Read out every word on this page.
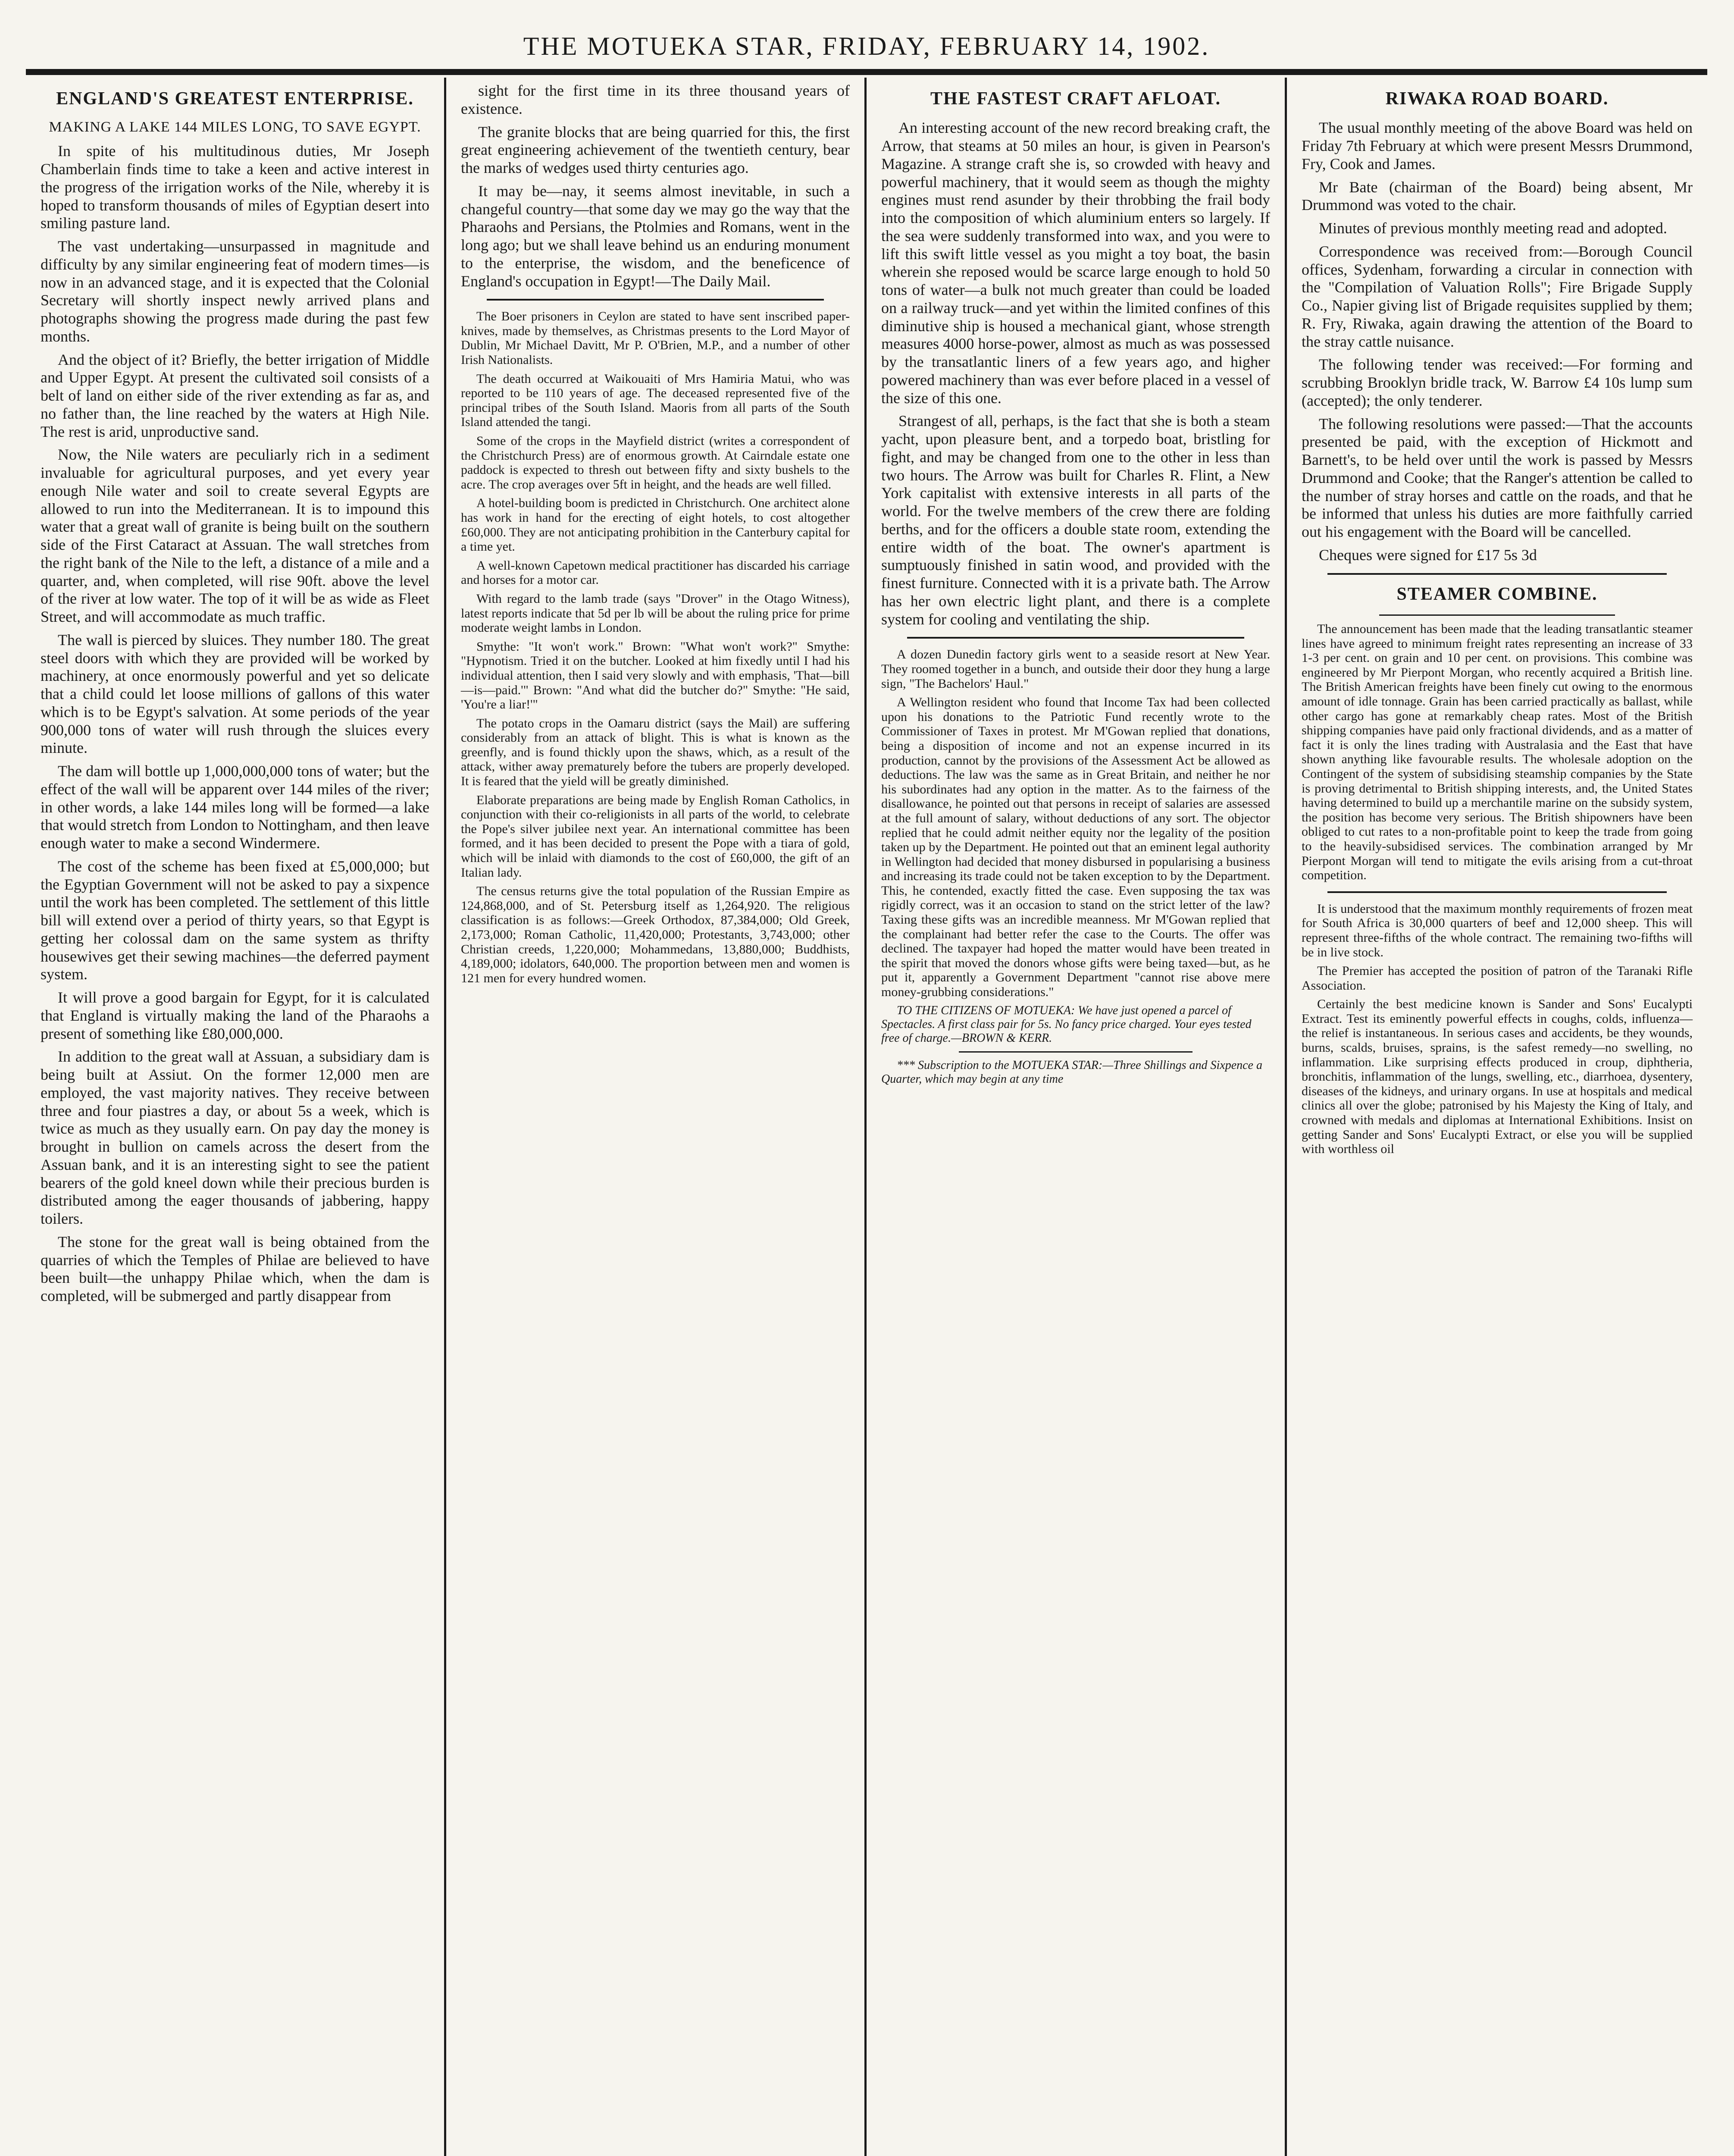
THE MOTUEKA STAR, FRIDAY, FEBRUARY 14, 1902.
ENGLAND'S GREATEST ENTERPRISE.
MAKING A LAKE 144 MILES LONG, TO SAVE EGYPT.

In spite of his multitudinous duties, Mr Joseph Chamberlain finds time to take a keen and active interest in the progress of the irrigation works of the Nile, whereby it is hoped to transform thousands of miles of Egyptian desert into smiling pasture land.

The vast undertaking—unsurpassed in magnitude and difficulty by any similar engineering feat of modern times—is now in an advanced stage, and it is expected that the Colonial Secretary will shortly inspect newly arrived plans and photographs showing the progress made during the past few months.

And the object of it? Briefly, the better irrigation of Middle and Upper Egypt. At present the cultivated soil consists of a belt of land on either side of the river extending as far as, and no father than, the line reached by the waters at High Nile. The rest is arid, unproductive sand.

Now, the Nile waters are peculiarly rich in a sediment invaluable for agricultural purposes, and yet every year enough Nile water and soil to create several Egypts are allowed to run into the Mediterranean. It is to impound this water that a great wall of granite is being built on the southern side of the First Cataract at Assuan. The wall stretches from the right bank of the Nile to the left, a distance of a mile and a quarter, and, when completed, will rise 90ft. above the level of the river at low water. The top of it will be as wide as Fleet Street, and will accommodate as much traffic.

The wall is pierced by sluices. They number 180. The great steel doors with which they are provided will be worked by machinery, at once enormously powerful and yet so delicate that a child could let loose millions of gallons of this water which is to be Egypt's salvation. At some periods of the year 900,000 tons of water will rush through the sluices every minute.

The dam will bottle up 1,000,000,000 tons of water; but the effect of the wall will be apparent over 144 miles of the river; in other words, a lake 144 miles long will be formed—a lake that would stretch from London to Nottingham, and then leave enough water to make a second Windermere.

The cost of the scheme has been fixed at £5,000,000; but the Egyptian Government will not be asked to pay a sixpence until the work has been completed. The settlement of this little bill will extend over a period of thirty years, so that Egypt is getting her colossal dam on the same system as thrifty housewives get their sewing machines—the deferred payment system.

It will prove a good bargain for Egypt, for it is calculated that England is virtually making the land of the Pharaohs a present of something like £80,000,000.

In addition to the great wall at Assuan, a subsidiary dam is being built at Assiut. On the former 12,000 men are employed, the vast majority natives. They receive between three and four piastres a day, or about 5s a week, which is twice as much as they usually earn. On pay day the money is brought in bullion on camels across the desert from the Assuan bank, and it is an interesting sight to see the patient bearers of the gold kneel down while their precious burden is distributed among the eager thousands of jabbering, happy toilers.

The stone for the great wall is being obtained from the quarries of which the Temples of Philae are believed to have been built—the unhappy Philae which, when the dam is completed, will be submerged and partly disappear from

sight for the first time in its three thousand years of existence.

The granite blocks that are being quarried for this, the first great engineering achievement of the twentieth century, bear the marks of wedges used thirty centuries ago.

It may be—nay, it seems almost inevitable, in such a changeful country—that some day we may go the way that the Pharaohs and Persians, the Ptolmies and Romans, went in the long ago; but we shall leave behind us an enduring monument to the enterprise, the wisdom, and the beneficence of England's occupation in Egypt!—The Daily Mail.

The Boer prisoners in Ceylon are stated to have sent inscribed paper-knives, made by themselves, as Christmas presents to the Lord Mayor of Dublin, Mr Michael Davitt, Mr P. O'Brien, M.P., and a number of other Irish Nationalists.

The death occurred at Waikouaiti of Mrs Hamiria Matui, who was reported to be 110 years of age. The deceased represented five of the principal tribes of the South Island. Maoris from all parts of the South Island attended the tangi.

Some of the crops in the Mayfield district (writes a correspondent of the Christchurch Press) are of enormous growth. At Cairndale estate one paddock is expected to thresh out between fifty and sixty bushels to the acre. The crop averages over 5ft in height, and the heads are well filled.

A hotel-building boom is predicted in Christchurch. One architect alone has work in hand for the erecting of eight hotels, to cost altogether £60,000. They are not anticipating prohibition in the Canterbury capital for a time yet.

A well-known Capetown medical practitioner has discarded his carriage and horses for a motor car.

With regard to the lamb trade (says "Drover" in the Otago Witness), latest reports indicate that 5d per lb will be about the ruling price for prime moderate weight lambs in London.

Smythe: "It won't work." Brown: "What won't work?" Smythe: "Hypnotism. Tried it on the butcher. Looked at him fixedly until I had his individual attention, then I said very slowly and with emphasis, 'That—bill—is—paid.'" Brown: "And what did the butcher do?" Smythe: "He said, 'You're a liar!'"

The potato crops in the Oamaru district (says the Mail) are suffering considerably from an attack of blight. This is what is known as the greenfly, and is found thickly upon the shaws, which, as a result of the attack, wither away prematurely before the tubers are properly developed. It is feared that the yield will be greatly diminished.

Elaborate preparations are being made by English Roman Catholics, in conjunction with their co-religionists in all parts of the world, to celebrate the Pope's silver jubilee next year. An international committee has been formed, and it has been decided to present the Pope with a tiara of gold, which will be inlaid with diamonds to the cost of £60,000, the gift of an Italian lady.

The census returns give the total population of the Russian Empire as 124,868,000, and of St. Petersburg itself as 1,264,920. The religious classification is as follows:—Greek Orthodox, 87,384,000; Old Greek, 2,173,000; Roman Catholic, 11,420,000; Protestants, 3,743,000; other Christian creeds, 1,220,000; Mohammedans, 13,880,000; Buddhists, 4,189,000; idolators, 640,000. The proportion between men and women is 121 men for every hundred women.

THE FASTEST CRAFT AFLOAT.

An interesting account of the new record breaking craft, the Arrow, that steams at 50 miles an hour, is given in Pearson's Magazine. A strange craft she is, so crowded with heavy and powerful machinery, that it would seem as though the mighty engines must rend asunder by their throbbing the frail body into the composition of which aluminium enters so largely. If the sea were suddenly transformed into wax, and you were to lift this swift little vessel as you might a toy boat, the basin wherein she reposed would be scarce large enough to hold 50 tons of water—a bulk not much greater than could be loaded on a railway truck—and yet within the limited confines of this diminutive ship is housed a mechanical giant, whose strength measures 4000 horse-power, almost as much as was possessed by the transatlantic liners of a few years ago, and higher powered machinery than was ever before placed in a vessel of the size of this one.

Strangest of all, perhaps, is the fact that she is both a steam yacht, upon pleasure bent, and a torpedo boat, bristling for fight, and may be changed from one to the other in less than two hours. The Arrow was built for Charles R. Flint, a New York capitalist with extensive interests in all parts of the world. For the twelve members of the crew there are folding berths, and for the officers a double state room, extending the entire width of the boat. The owner's apartment is sumptuously finished in satin wood, and provided with the finest furniture. Connected with it is a private bath. The Arrow has her own electric light plant, and there is a complete system for cooling and ventilating the ship.

A dozen Dunedin factory girls went to a seaside resort at New Year. They roomed together in a bunch, and outside their door they hung a large sign, "The Bachelors' Haul."

A Wellington resident who found that Income Tax had been collected upon his donations to the Patriotic Fund recently wrote to the Commissioner of Taxes in protest. Mr M'Gowan replied that donations, being a disposition of income and not an expense incurred in its production, cannot by the provisions of the Assessment Act be allowed as deductions. The law was the same as in Great Britain, and neither he nor his subordinates had any option in the matter. As to the fairness of the disallowance, he pointed out that persons in receipt of salaries are assessed at the full amount of salary, without deductions of any sort. The objector replied that he could admit neither equity nor the legality of the position taken up by the Department. He pointed out that an eminent legal authority in Wellington had decided that money disbursed in popularising a business and increasing its trade could not be taken exception to by the Department. This, he contended, exactly fitted the case. Even supposing the tax was rigidly correct, was it an occasion to stand on the strict letter of the law? Taxing these gifts was an incredible meanness. Mr M'Gowan replied that the complainant had better refer the case to the Courts. The offer was declined. The taxpayer had hoped the matter would have been treated in the spirit that moved the donors whose gifts were being taxed—but, as he put it, apparently a Government Department "cannot rise above mere money-grubbing considerations."

TO THE CITIZENS OF MOTUEKA: We have just opened a parcel of Spectacles. A first class pair for 5s. No fancy price charged. Your eyes tested free of charge.—BROWN & KERR.

*** Subscription to the MOTUEKA STAR:—Three Shillings and Sixpence a Quarter, which may begin at any time

RIWAKA ROAD BOARD.

The usual monthly meeting of the above Board was held on Friday 7th February at which were present Messrs Drummond, Fry, Cook and James.

Mr Bate (chairman of the Board) being absent, Mr Drummond was voted to the chair.

Minutes of previous monthly meeting read and adopted.

Correspondence was received from:—Borough Council offices, Sydenham, forwarding a circular in connection with the "Compilation of Valuation Rolls"; Fire Brigade Supply Co., Napier giving list of Brigade requisites supplied by them; R. Fry, Riwaka, again drawing the attention of the Board to the stray cattle nuisance.

The following tender was received:—For forming and scrubbing Brooklyn bridle track, W. Barrow £4 10s lump sum (accepted); the only tenderer.

The following resolutions were passed:—That the accounts presented be paid, with the exception of Hickmott and Barnett's, to be held over until the work is passed by Messrs Drummond and Cooke; that the Ranger's attention be called to the number of stray horses and cattle on the roads, and that he be informed that unless his duties are more faithfully carried out his engagement with the Board will be cancelled.

Cheques were signed for £17 5s 3d

STEAMER COMBINE.

The announcement has been made that the leading transatlantic steamer lines have agreed to minimum freight rates representing an increase of 33 1-3 per cent. on grain and 10 per cent. on provisions. This combine was engineered by Mr Pierpont Morgan, who recently acquired a British line. The British American freights have been finely cut owing to the enormous amount of idle tonnage. Grain has been carried practically as ballast, while other cargo has gone at remarkably cheap rates. Most of the British shipping companies have paid only fractional dividends, and as a matter of fact it is only the lines trading with Australasia and the East that have shown anything like favourable results. The wholesale adoption on the Contingent of the system of subsidising steamship companies by the State is proving detrimental to British shipping interests, and, the United States having determined to build up a merchantile marine on the subsidy system, the position has become very serious. The British shipowners have been obliged to cut rates to a non-profitable point to keep the trade from going to the heavily-subsidised services. The combination arranged by Mr Pierpont Morgan will tend to mitigate the evils arising from a cut-throat competition.

It is understood that the maximum monthly requirements of frozen meat for South Africa is 30,000 quarters of beef and 12,000 sheep. This will represent three-fifths of the whole contract. The remaining two-fifths will be in live stock.

The Premier has accepted the position of patron of the Taranaki Rifle Association.

Certainly the best medicine known is Sander and Sons' Eucalypti Extract. Test its eminently powerful effects in coughs, colds, influenza—the relief is instantaneous. In serious cases and accidents, be they wounds, burns, scalds, bruises, sprains, is the safest remedy—no swelling, no inflammation. Like surprising effects produced in croup, diphtheria, bronchitis, inflammation of the lungs, swelling, etc., diarrhoea, dysentery, diseases of the kidneys, and urinary organs. In use at hospitals and medical clinics all over the globe; patronised by his Majesty the King of Italy, and crowned with medals and diplomas at International Exhibitions. Insist on getting Sander and Sons' Eucalypti Extract, or else you will be supplied with worthless oil
